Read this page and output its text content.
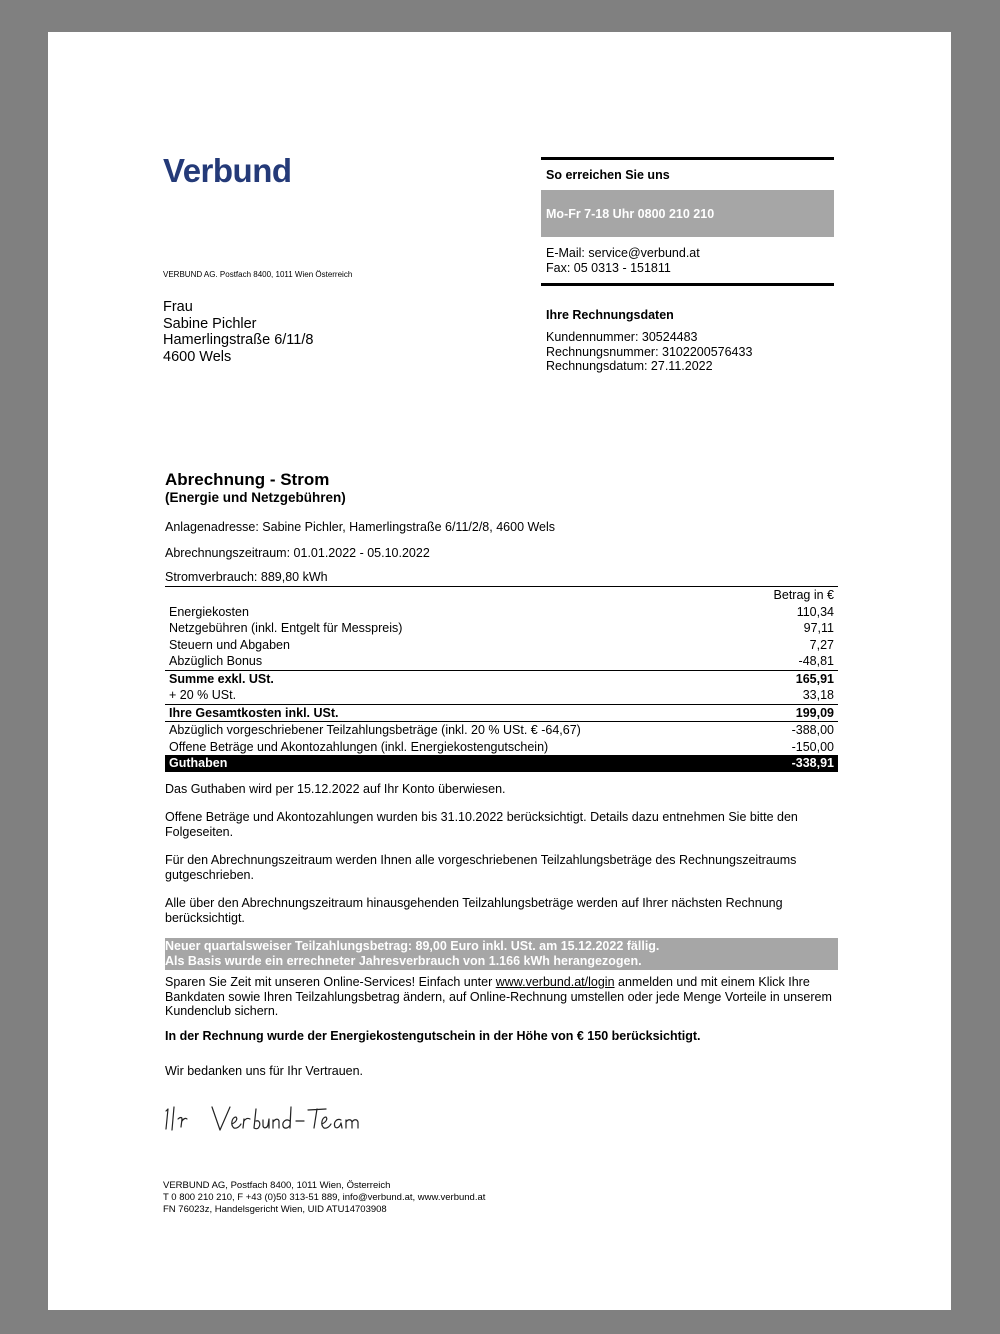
Verbund
VERBUND AG. Postfach 8400, 1011 Wien Österreich
Frau
Sabine Pichler
Hamerlingstraße 6/11/8
4600 Wels
So erreichen Sie uns
Mo-Fr 7-18 Uhr 0800 210 210
E-Mail: service@verbund.at
Fax: 05 0313 - 151811
Ihre Rechnungsdaten
Kundennummer: 30524483
Rechnungsnummer: 3102200576433
Rechnungsdatum: 27.11.2022
Abrechnung - Strom
(Energie und Netzgebühren)
Anlagenadresse: Sabine Pichler, Hamerlingstraße 6/11/2/8, 4600 Wels
Abrechnungszeitraum: 01.01.2022 - 05.10.2022
Stromverbrauch: 889,80 kWh
	Betrag in €
Energiekosten	110,34
Netzgebühren (inkl. Entgelt für Messpreis)	97,11
Steuern und Abgaben	7,27
Abzüglich Bonus	-48,81
Summe exkl. USt.	165,91
+ 20 % USt.	33,18
Ihre Gesamtkosten inkl. USt.	199,09
Abzüglich vorgeschriebener Teilzahlungsbeträge (inkl. 20 % USt. € -64,67)	-388,00
Offene Beträge und Akontozahlungen (inkl. Energiekostengutschein)	-150,00
Guthaben	-338,91
Das Guthaben wird per 15.12.2022 auf Ihr Konto überwiesen.
Offene Beträge und Akontozahlungen wurden bis 31.10.2022 berücksichtigt. Details dazu entnehmen Sie bitte den Folgeseiten.
Für den Abrechnungszeitraum werden Ihnen alle vorgeschriebenen Teilzahlungsbeträge des Rechnungszeitraums gutgeschrieben.
Alle über den Abrechnungszeitraum hinausgehenden Teilzahlungsbeträge werden auf Ihrer nächsten Rechnung berücksichtigt.
Neuer quartalsweiser Teilzahlungsbetrag: 89,00 Euro inkl. USt. am 15.12.2022 fällig.
Als Basis wurde ein errechneter Jahresverbrauch von 1.166 kWh herangezogen.
Sparen Sie Zeit mit unseren Online-Services! Einfach unter www.verbund.at/login anmelden und mit einem Klick Ihre Bankdaten sowie Ihren Teilzahlungsbetrag ändern, auf Online-Rechnung umstellen oder jede Menge Vorteile in unserem Kundenclub sichern.
In der Rechnung wurde der Energiekostengutschein in der Höhe von € 150 berücksichtigt.
Wir bedanken uns für Ihr Vertrauen.
VERBUND AG, Postfach 8400, 1011 Wien, Österreich
T 0 800 210 210, F +43 (0)50 313-51 889, info@verbund.at, www.verbund.at
FN 76023z, Handelsgericht Wien, UID ATU14703908
